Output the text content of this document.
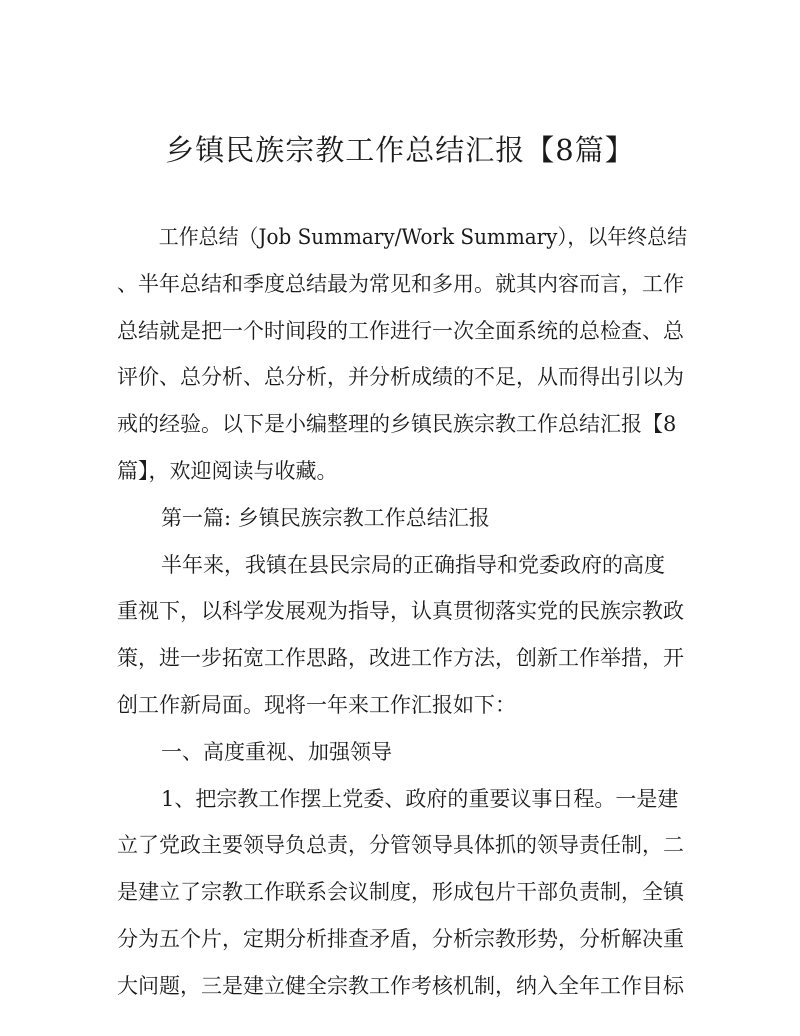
乡镇民族宗教工作总结汇报【8篇】
工作总结（Job Summary/Work Summary），以年终总结
、半年总结和季度总结最为常见和多用。就其内容而言，工作
总结就是把一个时间段的工作进行一次全面系统的总检查、总
评价、总分析、总分析，并分析成绩的不足，从而得出引以为
戒的经验。以下是小编整理的乡镇民族宗教工作总结汇报【8
篇】，欢迎阅读与收藏。
第一篇: 乡镇民族宗教工作总结汇报
半年来，我镇在县民宗局的正确指导和党委政府的高度
重视下，以科学发展观为指导，认真贯彻落实党的民族宗教政
策，进一步拓宽工作思路，改进工作方法，创新工作举措，开
创工作新局面。现将一年来工作汇报如下：
一、高度重视、加强领导
1、把宗教工作摆上党委、政府的重要议事日程。一是建
立了党政主要领导负总责，分管领导具体抓的领导责任制，二
是建立了宗教工作联系会议制度，形成包片干部负责制，全镇
分为五个片，定期分析排查矛盾，分析宗教形势，分析解决重
大问题，三是建立健全宗教工作考核机制，纳入全年工作目标
